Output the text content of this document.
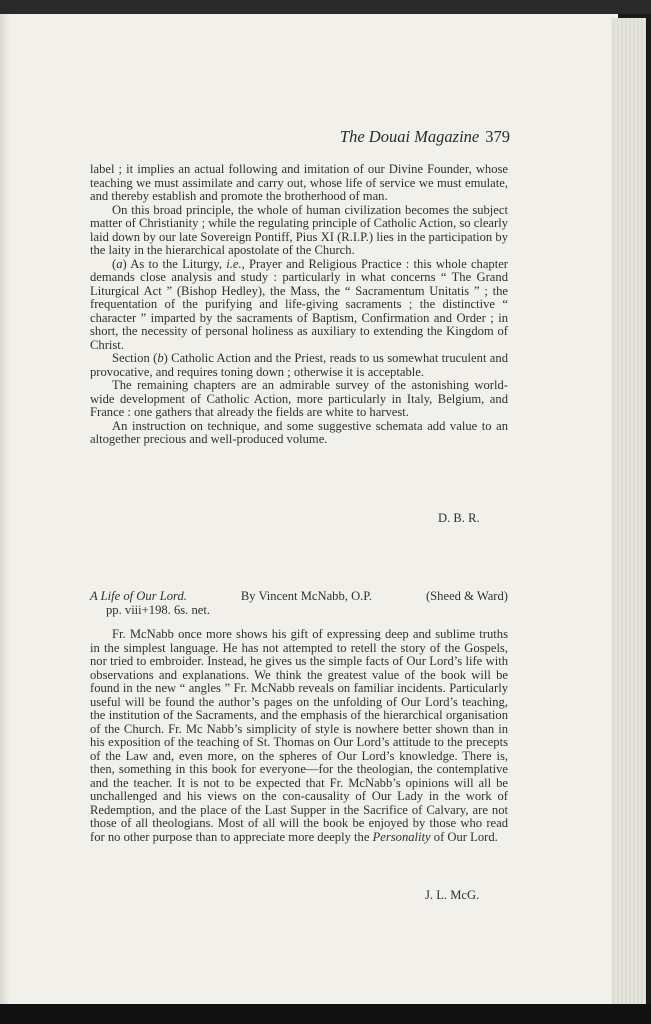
The Douai Magazine 379

label ; it implies an actual following and imitation of our Divine Founder, whose teaching we must assimilate and carry out, whose life of service we must emulate, and thereby establish and promote the brotherhood of man.

On this broad principle, the whole of human civilization becomes the subject matter of Christianity ; while the regulating principle of Catholic Action, so clearly laid down by our late Sovereign Pontiff, Pius XI (R.I.P.) lies in the participation by the laity in the hierarchical apostolate of the Church.

(a) As to the Liturgy, i.e., Prayer and Religious Practice : this whole chapter demands close analysis and study : particularly in what concerns “ The Grand Liturgical Act ” (Bishop Hedley), the Mass, the “ Sacramentum Unitatis ” ; the frequentation of the purifying and life-giving sacraments ; the distinctive “ character ” imparted by the sacraments of Baptism, Confirmation and Order ; in short, the necessity of personal holiness as auxiliary to extending the Kingdom of Christ.

Section (b) Catholic Action and the Priest, reads to us somewhat truculent and provocative, and requires toning down ; otherwise it is acceptable.

The remaining chapters are an admirable survey of the astonishing world-wide development of Catholic Action, more particularly in Italy, Belgium, and France : one gathers that already the fields are white to harvest.

An instruction on technique, and some suggestive schemata add value to an altogether precious and well-produced volume.

D. B. R.
A Life of Our Lord.	By Vincent McNabb, O.P.	(Sheed & Ward)
pp. viii+198. 6s. net.

Fr. McNabb once more shows his gift of expressing deep and sublime truths in the simplest language. He has not attempted to retell the story of the Gospels, nor tried to embroider. Instead, he gives us the simple facts of Our Lord’s life with observations and explanations. We think the greatest value of the book will be found in the new “ angles ” Fr. McNabb reveals on familiar incidents. Particularly useful will be found the author’s pages on the unfolding of Our Lord’s teaching, the institution of the Sacraments, and the emphasis of the hierarchical organisation of the Church. Fr. Mc Nabb’s simplicity of style is nowhere better shown than in his exposition of the teaching of St. Thomas on Our Lord’s attitude to the precepts of the Law and, even more, on the spheres of Our Lord’s knowledge. There is, then, something in this book for everyone—for the theologian, the contemplative and the teacher. It is not to be expected that Fr. McNabb’s opinions will all be unchallenged and his views on the con-causality of Our Lady in the work of Redemption, and the place of the Last Supper in the Sacrifice of Calvary, are not those of all theologians. Most of all will the book be enjoyed by those who read for no other purpose than to appreciate more deeply the Personality of Our Lord.

J. L. McG.
